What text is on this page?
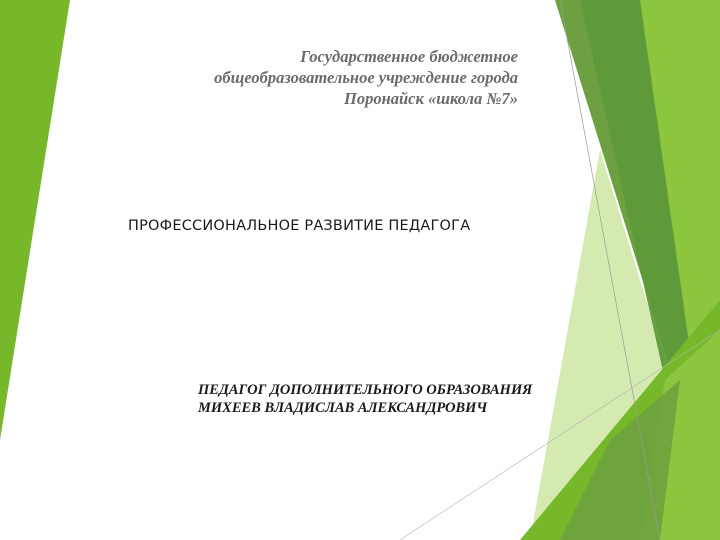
Государственное бюджетное
общеобразовательное учреждение города
Поронайск «школа №7»
ПРОФЕССИОНАЛЬНОЕ РАЗВИТИЕ ПЕДАГОГА
ПЕДАГОГ ДОПОЛНИТЕЛЬНОГО ОБРАЗОВАНИЯ
МИХЕЕВ ВЛАДИСЛАВ АЛЕКСАНДРОВИЧ
